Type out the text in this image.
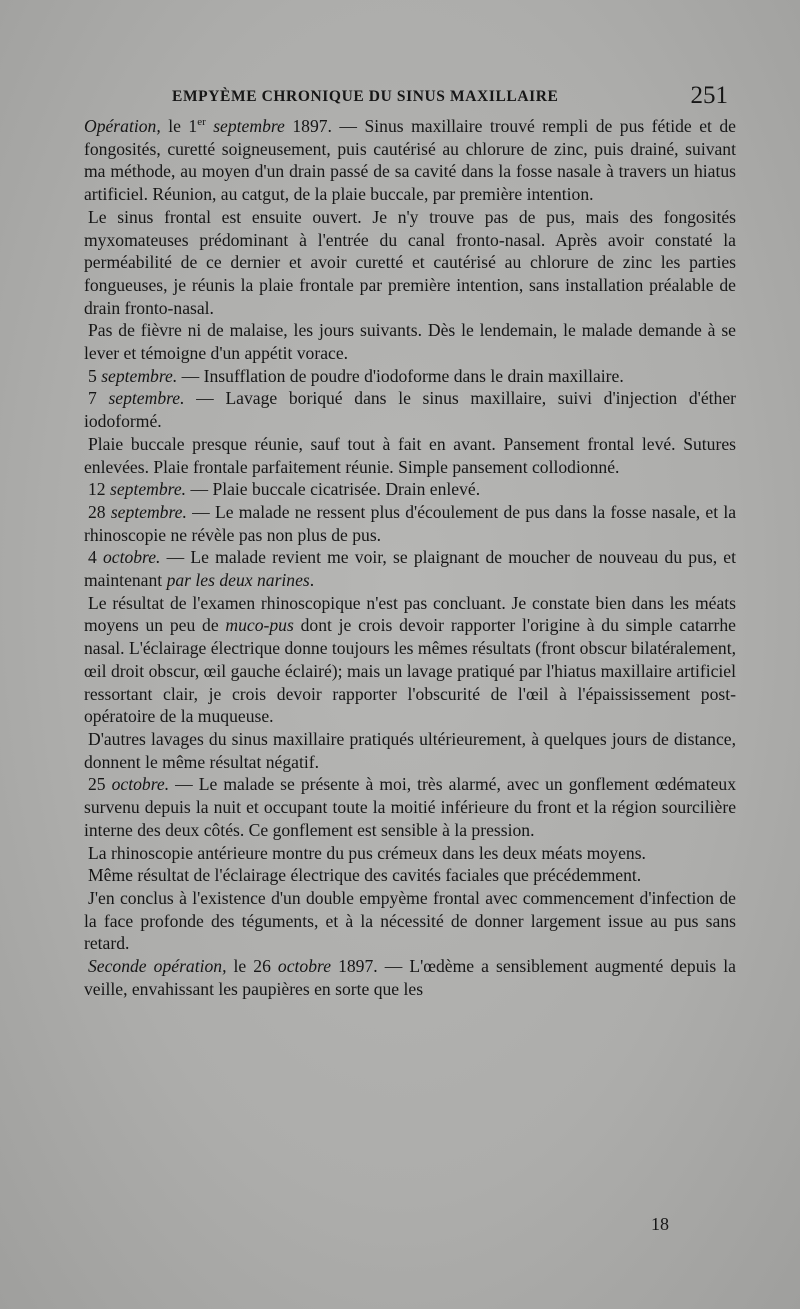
EMPYÈME CHRONIQUE DU SINUS MAXILLAIRE	251

Opération, le 1er septembre 1897. — Sinus maxillaire trouvé rempli de pus fétide et de fongosités, curetté soigneusement, puis cautérisé au chlorure de zinc, puis drainé, suivant ma méthode, au moyen d'un drain passé de sa cavité dans la fosse nasale à travers un hiatus artificiel. Réunion, au catgut, de la plaie buccale, par première intention.

Le sinus frontal est ensuite ouvert. Je n'y trouve pas de pus, mais des fongosités myxomateuses prédominant à l'entrée du canal fronto-nasal. Après avoir constaté la perméabilité de ce dernier et avoir curetté et cautérisé au chlorure de zinc les parties fongueuses, je réunis la plaie frontale par première intention, sans installation préalable de drain fronto-nasal.

Pas de fièvre ni de malaise, les jours suivants. Dès le lendemain, le malade demande à se lever et témoigne d'un appétit vorace.

5 septembre. — Insufflation de poudre d'iodoforme dans le drain maxillaire.

7 septembre. — Lavage boriqué dans le sinus maxillaire, suivi d'injection d'éther iodoformé.

Plaie buccale presque réunie, sauf tout à fait en avant. Pansement frontal levé. Sutures enlevées. Plaie frontale parfaitement réunie. Simple pansement collodionné.

12 septembre. — Plaie buccale cicatrisée. Drain enlevé.

28 septembre. — Le malade ne ressent plus d'écoulement de pus dans la fosse nasale, et la rhinoscopie ne révèle pas non plus de pus.

4 octobre. — Le malade revient me voir, se plaignant de moucher de nouveau du pus, et maintenant par les deux narines.

Le résultat de l'examen rhinoscopique n'est pas concluant. Je constate bien dans les méats moyens un peu de muco-pus dont je crois devoir rapporter l'origine à du simple catarrhe nasal. L'éclairage électrique donne toujours les mêmes résultats (front obscur bilatéralement, œil droit obscur, œil gauche éclairé); mais un lavage pratiqué par l'hiatus maxillaire artificiel ressortant clair, je crois devoir rapporter l'obscurité de l'œil à l'épaississement post-opératoire de la muqueuse.

D'autres lavages du sinus maxillaire pratiqués ultérieurement, à quelques jours de distance, donnent le même résultat négatif.

25 octobre. — Le malade se présente à moi, très alarmé, avec un gonflement œdémateux survenu depuis la nuit et occupant toute la moitié inférieure du front et la région sourcilière interne des deux côtés. Ce gonflement est sensible à la pression.

La rhinoscopie antérieure montre du pus crémeux dans les deux méats moyens.

Même résultat de l'éclairage électrique des cavités faciales que précédemment.

J'en conclus à l'existence d'un double empyème frontal avec commencement d'infection de la face profonde des téguments, et à la nécessité de donner largement issue au pus sans retard.

Seconde opération, le 26 octobre 1897. — L'œdème a sensiblement augmenté depuis la veille, envahissant les paupières en sorte que les

18
